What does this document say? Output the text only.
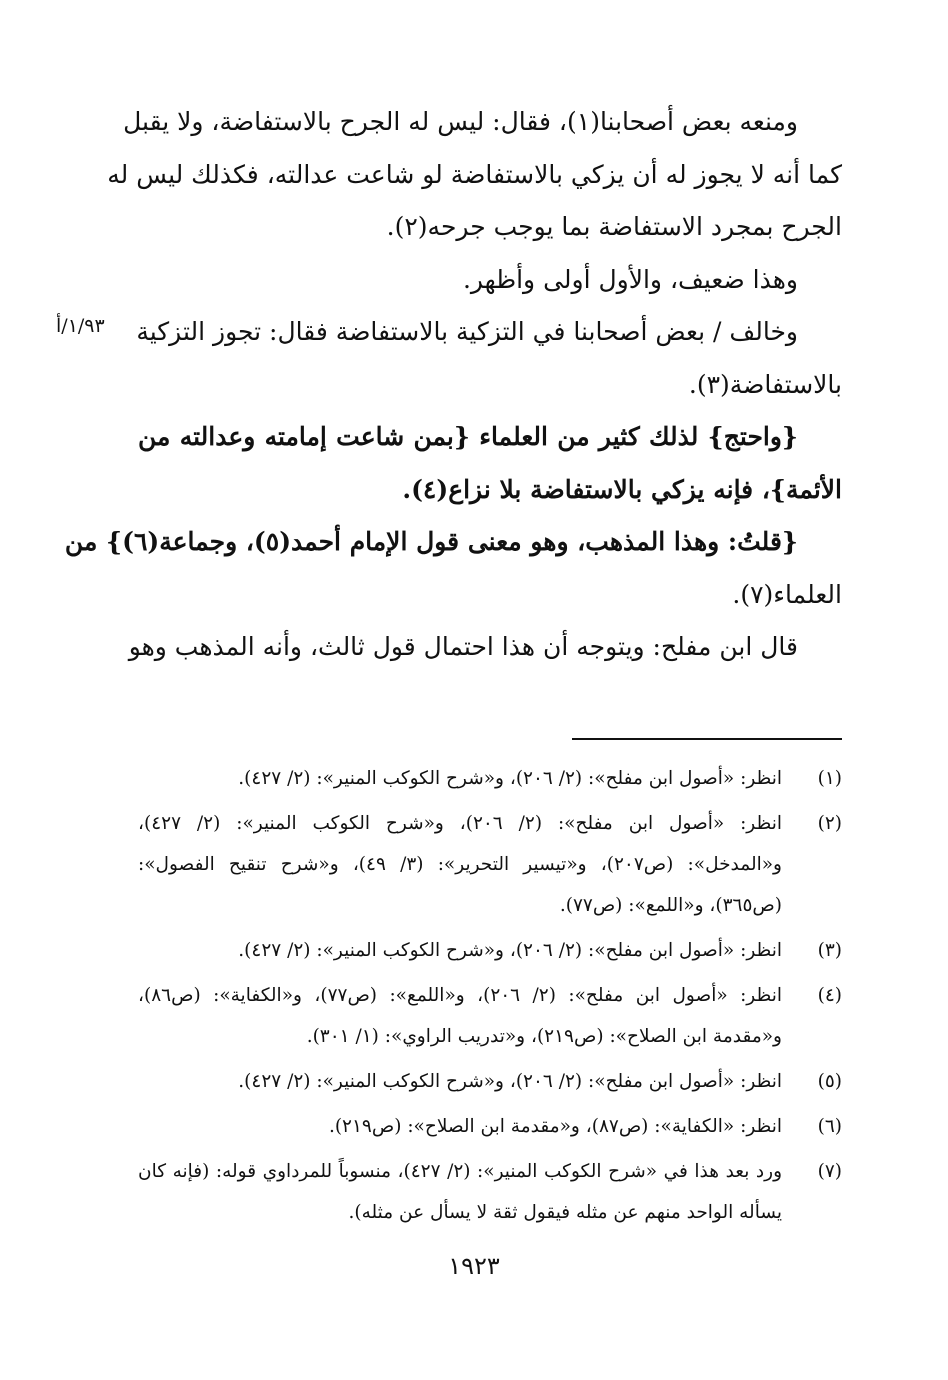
ومنعه بعض أصحابنا(١)، فقال: ليس له الجرح بالاستفاضة، ولا يقبل
كما أنه لا يجوز له أن يزكي بالاستفاضة لو شاعت عدالته، فكذلك ليس له
الجرح بمجرد الاستفاضة بما يوجب جرحه(٢).
وهذا ضعيف، والأول أولى وأظهر.
وخالف / بعض أصحابنا في التزكية بالاستفاضة فقال: تجوز التزكية
بالاستفاضة(٣).
{واحتج} لذلك كثير من العلماء {بمن شاعت إمامته وعدالته من
الأئمة}، فإنه يزكي بالاستفاضة بلا نزاع(٤).
{قلتُ: وهذا المذهب، وهو معنى قول الإمام أحمد(٥)، وجماعة(٦)} من
العلماء(٧).
قال ابن مفلح: ويتوجه أن هذا احتمال قول ثالث، وأنه المذهب وهو
١/٩٣/أ
(١)
انظر: «أصول ابن مفلح»: (٢/ ٢٠٦)، و«شرح الكوكب المنير»: (٢/ ٤٢٧).
(٢)
انظر: «أصول ابن مفلح»: (٢/ ٢٠٦)، و«شرح الكوكب المنير»: (٢/ ٤٢٧)،
و«المدخل»: (ص٢٠٧)، و«تيسير التحرير»: (٣/ ٤٩)، و«شرح تنقيح الفصول»:
(ص٣٦٥)، و«اللمع»: (ص٧٧).
(٣)
انظر: «أصول ابن مفلح»: (٢/ ٢٠٦)، و«شرح الكوكب المنير»: (٢/ ٤٢٧).
(٤)
انظر: «أصول ابن مفلح»: (٢/ ٢٠٦)، و«اللمع»: (ص٧٧)، و«الكفاية»: (ص٨٦)،
و«مقدمة ابن الصلاح»: (ص٢١٩)، و«تدريب الراوي»: (١/ ٣٠١).
(٥)
انظر: «أصول ابن مفلح»: (٢/ ٢٠٦)، و«شرح الكوكب المنير»: (٢/ ٤٢٧).
(٦)
انظر: «الكفاية»: (ص٨٧)، و«مقدمة ابن الصلاح»: (ص٢١٩).
(٧)
ورد بعد هذا في «شرح الكوكب المنير»: (٢/ ٤٢٧)، منسوباً للمرداوي قوله: (فإنه كان
يسأله الواحد منهم عن مثله فيقول ثقة لا يسأل عن مثله).
١٩٢٣
